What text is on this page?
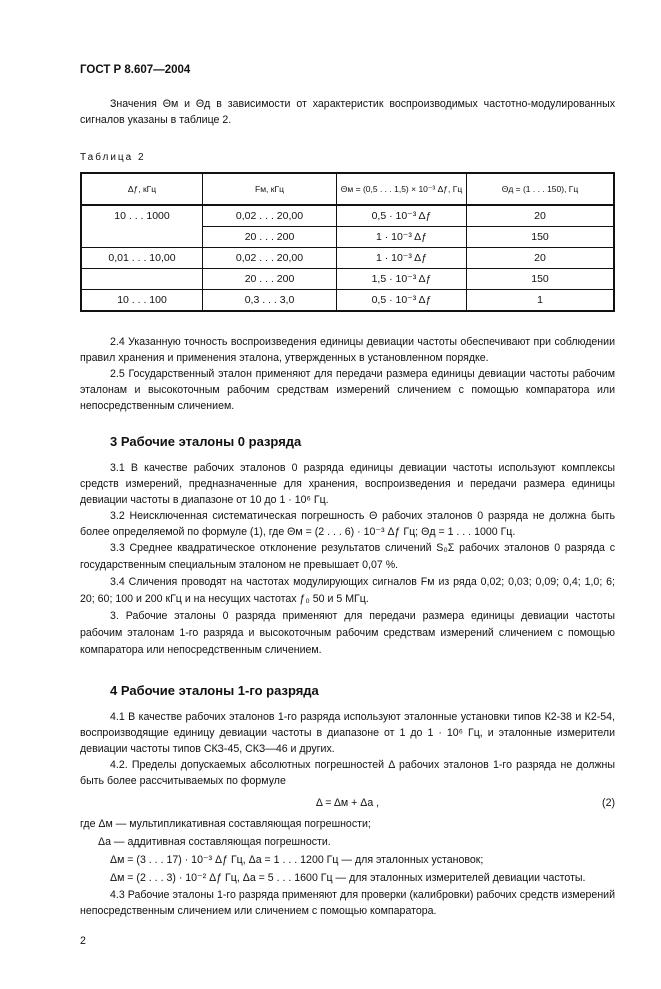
ГОСТ Р 8.607—2004

Значения Θм и Θд в зависимости от характеристик воспроизводимых частотно-модулированных сигналов указаны в таблице 2.

Таблица 2
Δƒ, кГц	Fм, кГц	Θм = (0,5 . . . 1,5) × 10⁻³ Δƒ, Гц	Θд = (1 . . . 150), Гц
10 . . . 1000	0,02 . . . 20,00	0,5 · 10⁻³ Δƒ	20
	20 . . . 200	1 · 10⁻³ Δƒ	150
0,01 . . . 10,00	0,02 . . . 20,00	1 · 10⁻³ Δƒ	20
	20 . . . 200	1,5 · 10⁻³ Δƒ	150
10 . . . 100	0,3 . . . 3,0	0,5 · 10⁻³ Δƒ	1

2.4 Указанную точность воспроизведения единицы девиации частоты обеспечивают при соблюдении правил хранения и применения эталона, утвержденных в установленном порядке.

2.5 Государственный эталон применяют для передачи размера единицы девиации частоты рабочим эталонам и высокоточным рабочим средствам измерений сличением с помощью компаратора или непосредственным сличением.

3 Рабочие эталоны 0 разряда

3.1 В качестве рабочих эталонов 0 разряда единицы девиации частоты используют комплексы средств измерений, предназначенные для хранения, воспроизведения и передачи размера единицы девиации частоты в диапазоне от 10 до 1 · 10⁶ Гц.

3.2 Неисключенная систематическая погрешность Θ рабочих эталонов 0 разряда не должна быть более определяемой по формуле (1), где Θм = (2 . . . 6) · 10⁻³ Δƒ Гц; Θд = 1 . . . 1000 Гц.

3.3 Среднее квадратическое отклонение результатов сличений S₀Σ рабочих эталонов 0 разряда с государственным специальным эталоном не превышает 0,07 %.

3.4 Сличения проводят на частотах модулирующих сигналов Fм из ряда 0,02; 0,03; 0,09; 0,4; 1,0; 6; 20; 60; 100 и 200 кГц и на несущих частотах ƒ₀ 50 и 5 МГц.

3. Рабочие эталоны 0 разряда применяют для передачи размера единицы девиации частоты рабочим эталонам 1-го разряда и высокоточным рабочим средствам измерений сличением с помощью компаратора или непосредственным сличением.

4 Рабочие эталоны 1-го разряда

4.1 В качестве рабочих эталонов 1-го разряда используют эталонные установки типов К2-38 и К2-54, воспроизводящие единицу девиации частоты в диапазоне от 1 до 1 · 10⁶ Гц, и эталонные измерители девиации частоты типов СКЗ-45, СКЗ—46 и других.

4.2. Пределы допускаемых абсолютных погрешностей Δ рабочих эталонов 1-го разряда не должны быть более рассчитываемых по формуле

Δ = Δм + Δа ,	(2)

где Δм — мультипликативная составляющая погрешности;

Δа — аддитивная составляющая погрешности.

Δм = (3 . . . 17) · 10⁻³ Δƒ Гц, Δа = 1 . . . 1200 Гц — для эталонных установок;

Δм = (2 . . . 3) · 10⁻² Δƒ Гц, Δа = 5 . . . 1600 Гц — для эталонных измерителей девиации частоты.

4.3 Рабочие эталоны 1-го разряда применяют для проверки (калибровки) рабочих средств измерений непосредственным сличением или сличением с помощью компаратора.

2
